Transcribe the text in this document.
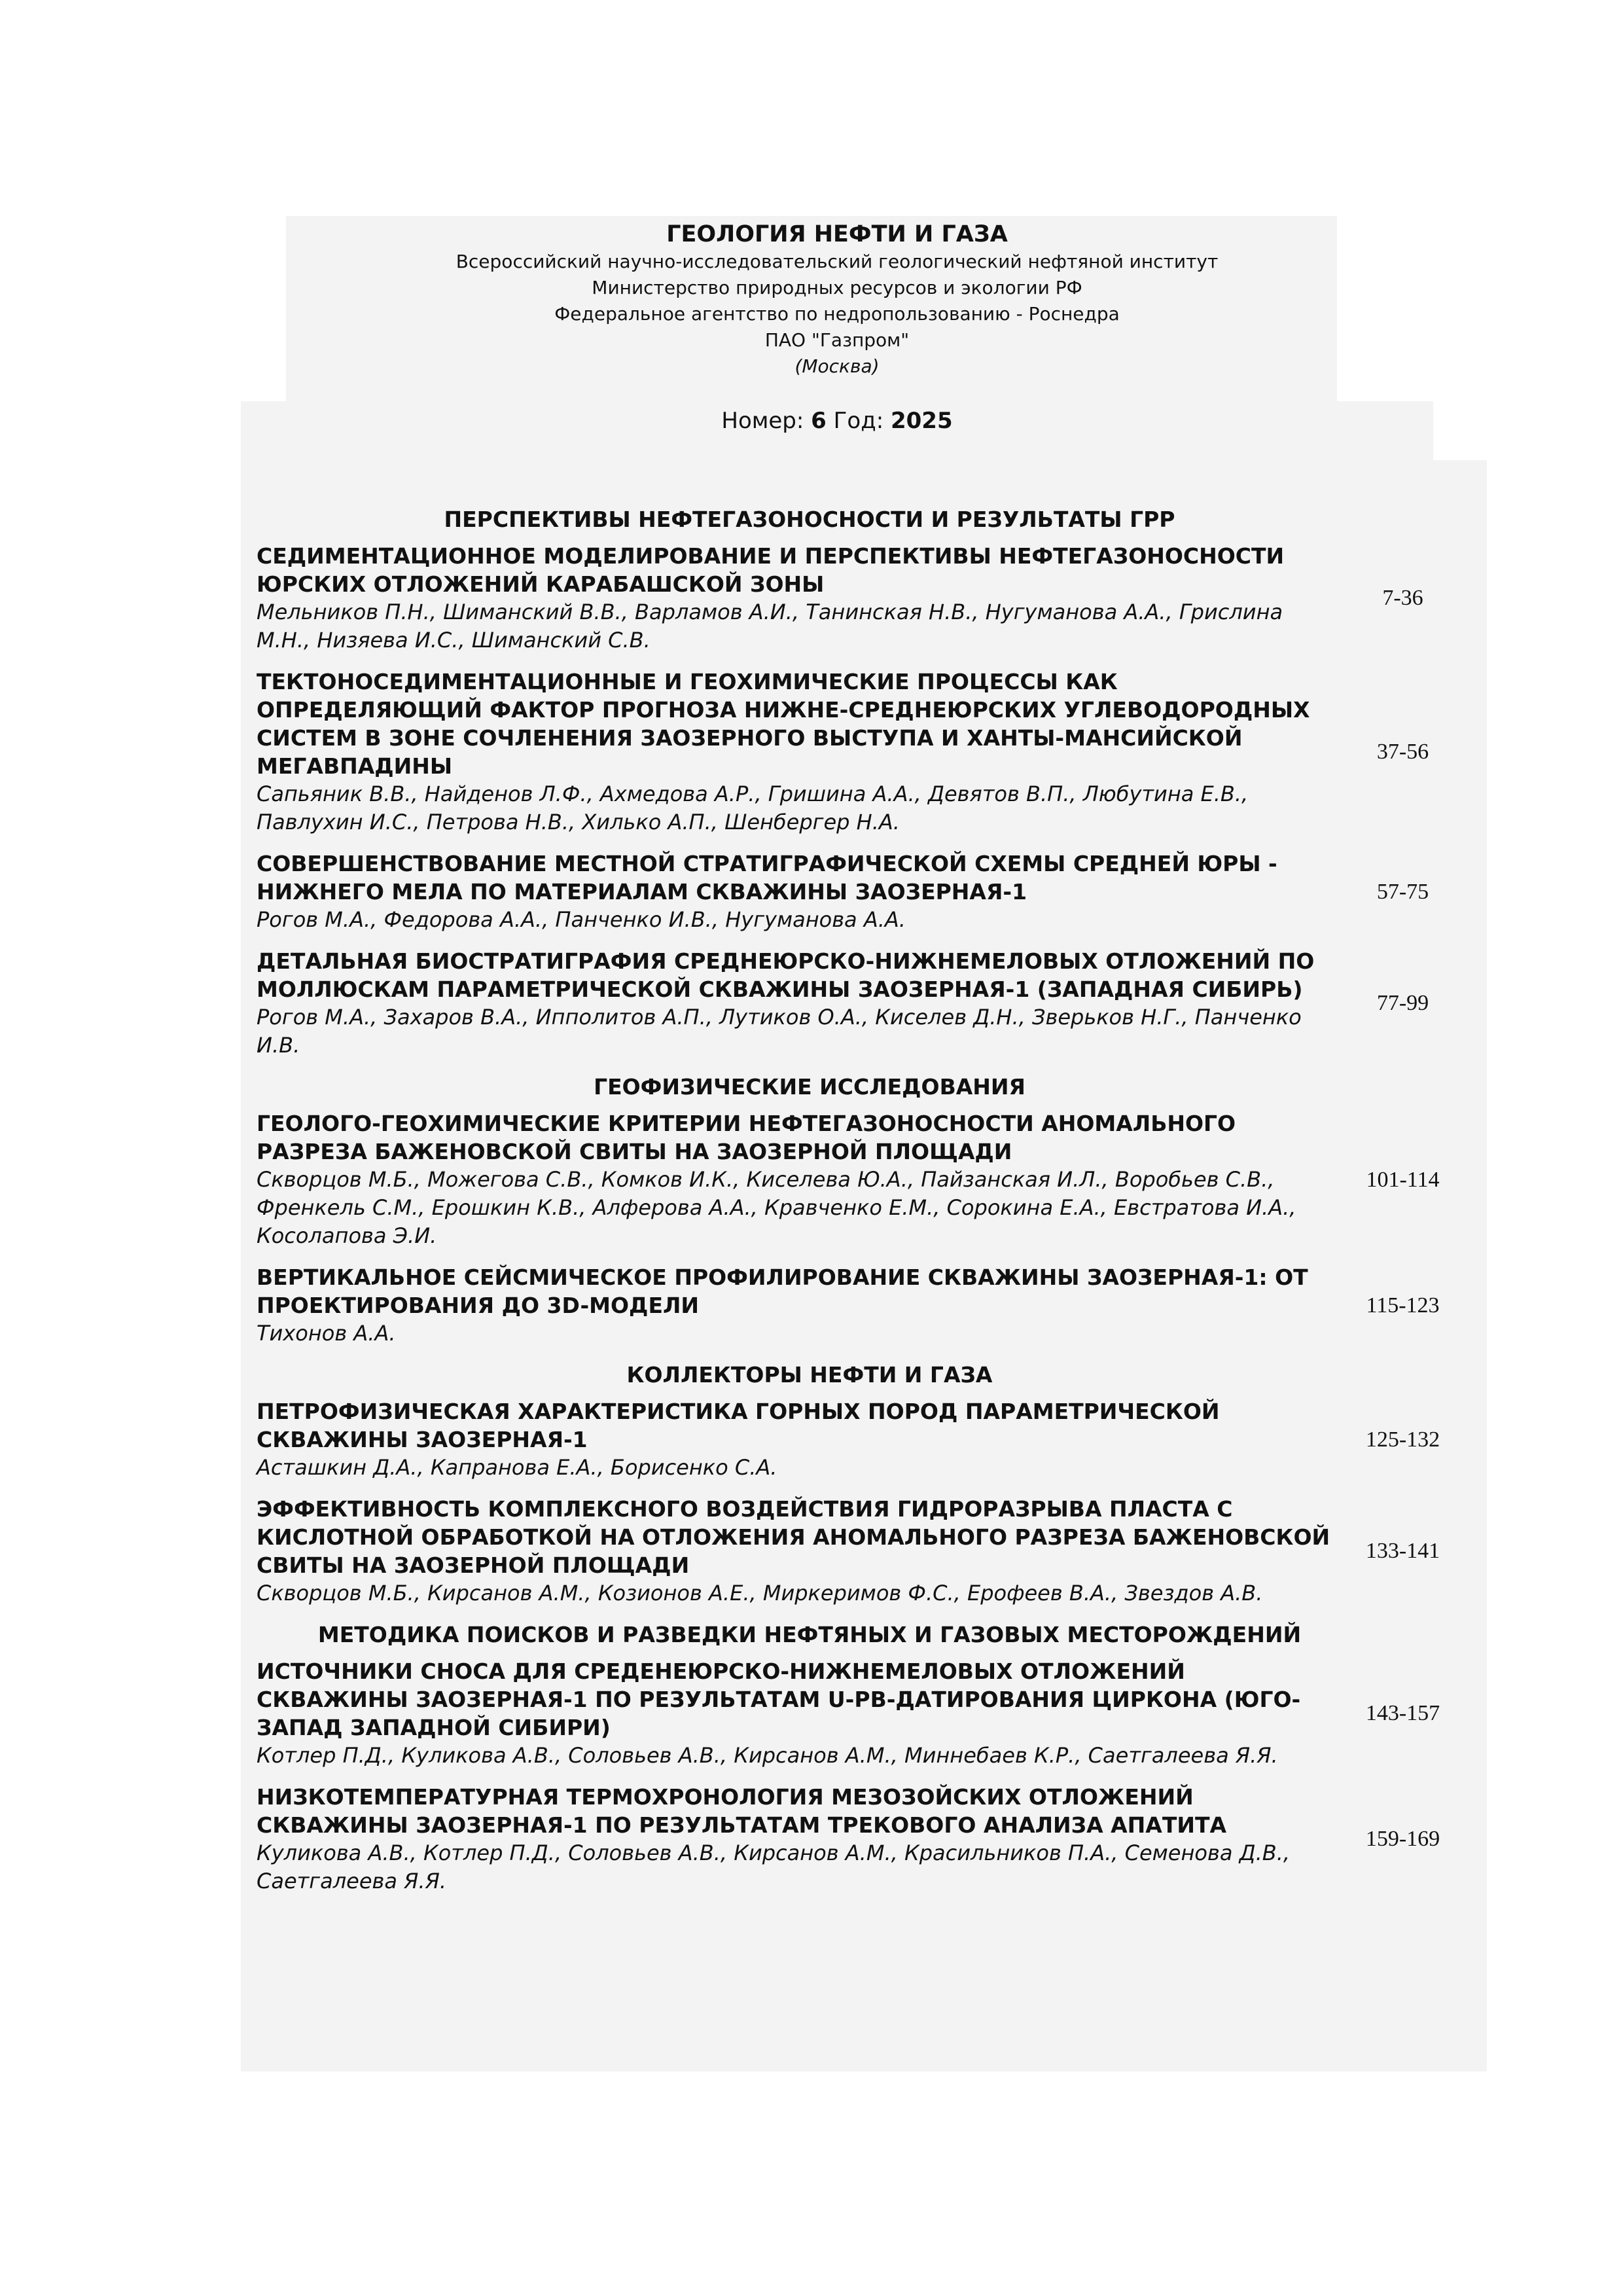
ГЕОЛОГИЯ НЕФТИ И ГАЗА
Всероссийский научно-исследовательский геологический нефтяной институт
Министерство природных ресурсов и экологии РФ
Федеральное агентство по недропользованию - Роснедра
ПАО "Газпром"
(Москва)
Номер: 6 Год: 2025
ПЕРСПЕКТИВЫ НЕФТЕГАЗОНОСНОСТИ И РЕЗУЛЬТАТЫ ГРР
СЕДИМЕНТАЦИОННОЕ МОДЕЛИРОВАНИЕ И ПЕРСПЕКТИВЫ НЕФТЕГАЗОНОСНОСТИ ЮРСКИХ ОТЛОЖЕНИЙ КАРАБАШСКОЙ ЗОНЫ
Мельников П.Н., Шиманский В.В., Варламов А.И., Танинская Н.В., Нугуманова А.А., Грислина М.Н., Низяева И.С., Шиманский С.В.
7-36
ТЕКТОНОСЕДИМЕНТАЦИОННЫЕ И ГЕОХИМИЧЕСКИЕ ПРОЦЕССЫ КАК ОПРЕДЕЛЯЮЩИЙ ФАКТОР ПРОГНОЗА НИЖНЕ-СРЕДНЕЮРСКИХ УГЛЕВОДОРОДНЫХ СИСТЕМ В ЗОНЕ СОЧЛЕНЕНИЯ ЗАОЗЕРНОГО ВЫСТУПА И ХАНТЫ-МАНСИЙСКОЙ МЕГАВПАДИНЫ
Сапьяник В.В., Найденов Л.Ф., Ахмедова А.Р., Гришина А.А., Девятов В.П., Любутина Е.В., Павлухин И.С., Петрова Н.В., Хилько А.П., Шенбергер Н.А.
37-56
СОВЕРШЕНСТВОВАНИЕ МЕСТНОЙ СТРАТИГРАФИЧЕСКОЙ СХЕМЫ СРЕДНЕЙ ЮРЫ - НИЖНЕГО МЕЛА ПО МАТЕРИАЛАМ СКВАЖИНЫ ЗАОЗЕРНАЯ-1
Рогов М.А., Федорова А.А., Панченко И.В., Нугуманова А.А.
57-75
ДЕТАЛЬНАЯ БИОСТРАТИГРАФИЯ СРЕДНЕЮРСКО-НИЖНЕМЕЛОВЫХ ОТЛОЖЕНИЙ ПО МОЛЛЮСКАМ ПАРАМЕТРИЧЕСКОЙ СКВАЖИНЫ ЗАОЗЕРНАЯ-1 (ЗАПАДНАЯ СИБИРЬ)
Рогов М.А., Захаров В.А., Ипполитов А.П., Лутиков О.А., Киселев Д.Н., Зверьков Н.Г., Панченко И.В.
77-99
ГЕОФИЗИЧЕСКИЕ ИССЛЕДОВАНИЯ
ГЕОЛОГО-ГЕОХИМИЧЕСКИЕ КРИТЕРИИ НЕФТЕГАЗОНОСНОСТИ АНОМАЛЬНОГО РАЗРЕЗА БАЖЕНОВСКОЙ СВИТЫ НА ЗАОЗЕРНОЙ ПЛОЩАДИ
Скворцов М.Б., Можегова С.В., Комков И.К., Киселева Ю.А., Пайзанская И.Л., Воробьев С.В., Френкель С.М., Ерошкин К.В., Алферова А.А., Кравченко Е.М., Сорокина Е.А., Евстратова И.А., Косолапова Э.И.
101-114
ВЕРТИКАЛЬНОЕ СЕЙСМИЧЕСКОЕ ПРОФИЛИРОВАНИЕ СКВАЖИНЫ ЗАОЗЕРНАЯ-1: ОТ ПРОЕКТИРОВАНИЯ ДО 3D-МОДЕЛИ
Тихонов А.А.
115-123
КОЛЛЕКТОРЫ НЕФТИ И ГАЗА
ПЕТРОФИЗИЧЕСКАЯ ХАРАКТЕРИСТИКА ГОРНЫХ ПОРОД ПАРАМЕТРИЧЕСКОЙ СКВАЖИНЫ ЗАОЗЕРНАЯ-1
Асташкин Д.А., Капранова Е.А., Борисенко С.А.
125-132
ЭФФЕКТИВНОСТЬ КОМПЛЕКСНОГО ВОЗДЕЙСТВИЯ ГИДРОРАЗРЫВА ПЛАСТА С КИСЛОТНОЙ ОБРАБОТКОЙ НА ОТЛОЖЕНИЯ АНОМАЛЬНОГО РАЗРЕЗА БАЖЕНОВСКОЙ СВИТЫ НА ЗАОЗЕРНОЙ ПЛОЩАДИ
Скворцов М.Б., Кирсанов А.М., Козионов А.Е., Миркеримов Ф.С., Ерофеев В.А., Звездов А.В.
133-141
МЕТОДИКА ПОИСКОВ И РАЗВЕДКИ НЕФТЯНЫХ И ГАЗОВЫХ МЕСТОРОЖДЕНИЙ
ИСТОЧНИКИ СНОСА ДЛЯ СРЕДЕНЕЮРСКО-НИЖНЕМЕЛОВЫХ ОТЛОЖЕНИЙ СКВАЖИНЫ ЗАОЗЕРНАЯ-1 ПО РЕЗУЛЬТАТАМ U-PB-ДАТИРОВАНИЯ ЦИРКОНА (ЮГО-ЗАПАД ЗАПАДНОЙ СИБИРИ)
Котлер П.Д., Куликова А.В., Соловьев А.В., Кирсанов А.М., Миннебаев К.Р., Саетгалеева Я.Я.
143-157
НИЗКОТЕМПЕРАТУРНАЯ ТЕРМОХРОНОЛОГИЯ МЕЗОЗОЙСКИХ ОТЛОЖЕНИЙ СКВАЖИНЫ ЗАОЗЕРНАЯ-1 ПО РЕЗУЛЬТАТАМ ТРЕКОВОГО АНАЛИЗА АПАТИТА
Куликова А.В., Котлер П.Д., Соловьев А.В., Кирсанов А.М., Красильников П.А., Семенова Д.В., Саетгалеева Я.Я.
159-169
